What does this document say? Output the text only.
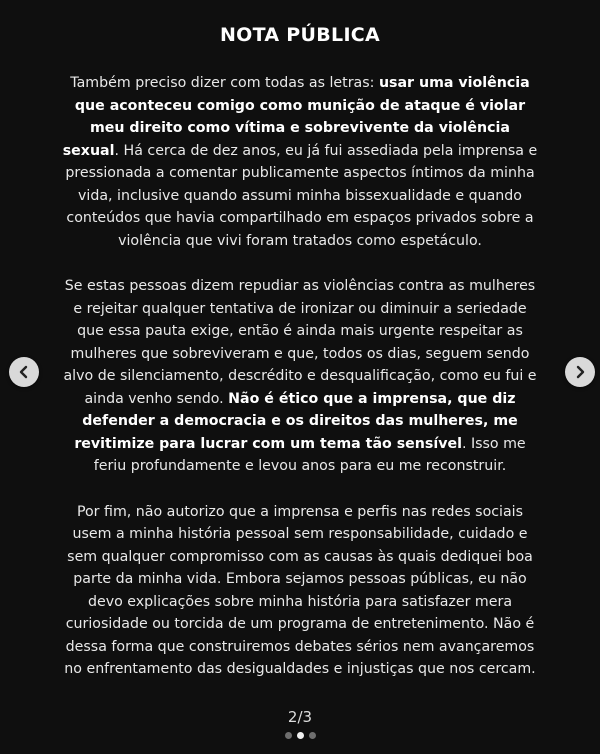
NOTA PÚBLICA

Também preciso dizer com todas as letras: usar uma violência que aconteceu comigo como munição de ataque é violar meu direito como vítima e sobrevivente da violência sexual. Há cerca de dez anos, eu já fui assediada pela imprensa e pressionada a comentar publicamente aspectos íntimos da minha vida, inclusive quando assumi minha bissexualidade e quando conteúdos que havia compartilhado em espaços privados sobre a violência que vivi foram tratados como espetáculo.

Se estas pessoas dizem repudiar as violências contra as mulheres e rejeitar qualquer tentativa de ironizar ou diminuir a seriedade que essa pauta exige, então é ainda mais urgente respeitar as mulheres que sobreviveram e que, todos os dias, seguem sendo alvo de silenciamento, descrédito e desqualificação, como eu fui e ainda venho sendo. Não é ético que a imprensa, que diz defender a democracia e os direitos das mulheres, me revitimize para lucrar com um tema tão sensível. Isso me feriu profundamente e levou anos para eu me reconstruir.

Por fim, não autorizo que a imprensa e perfis nas redes sociais usem a minha história pessoal sem responsabilidade, cuidado e sem qualquer compromisso com as causas às quais dediquei boa parte da minha vida. Embora sejamos pessoas públicas, eu não devo explicações sobre minha história para satisfazer mera curiosidade ou torcida de um programa de entretenimento. Não é dessa forma que construiremos debates sérios nem avançaremos no enfrentamento das desigualdades e injustiças que nos cercam.

2/3
